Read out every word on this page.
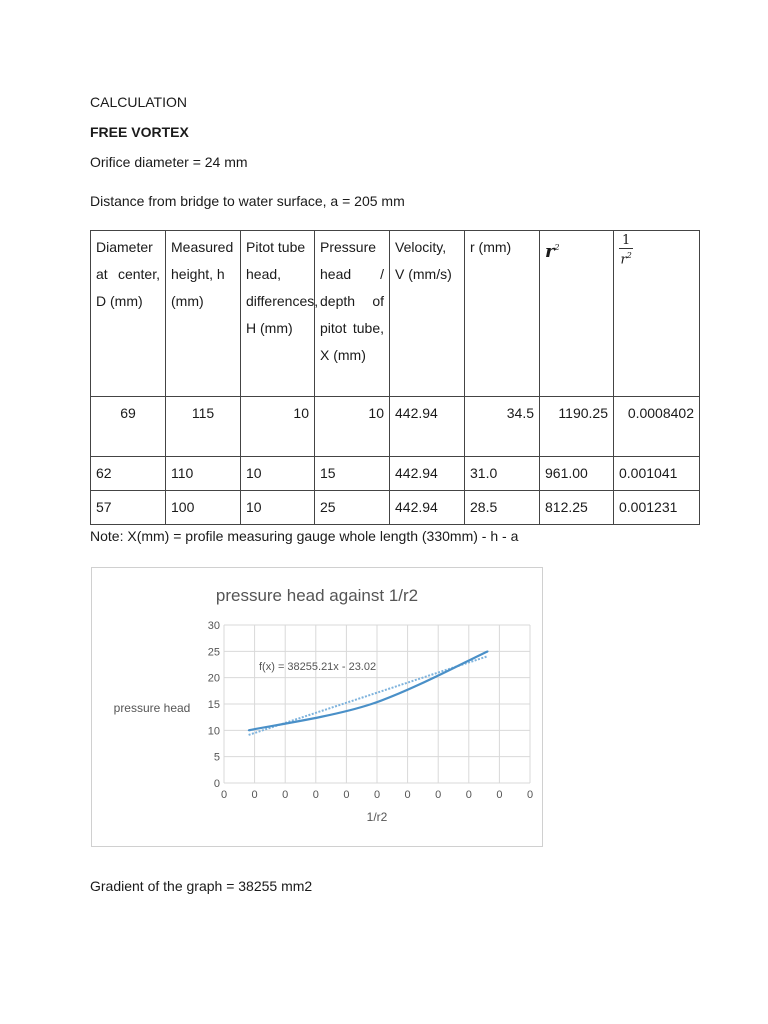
CALCULATION
FREE VORTEX
Orifice diameter = 24 mm
Distance from bridge to water surface, a = 205 mm
Diameter at center, D (mm)	Measured height, h (mm)	Pitot tube head, differences, H (mm)	Pressure head / depth of pitot tube, X (mm)	Velocity, V (mm/s)	r (mm)	$r^2$	$\frac{1}{r^2}$

69	115	10	10	442.94	34.5	1190.25	0.0008402
62	110	10	15	442.94	31.0	961.00	0.001041
57	100	10	25	442.94	28.5	812.25	0.001231
Note: X(mm) = profile measuring gauge whole length (330mm) - h - a
pressure head against 1/r2
0
5
10
15
20
25
30
0 0 0 0 0 0 0 0 0 0 0
pressure head
1/r2
f(x) = 38255.21x - 23.02
Gradient of the graph = 38255 mm2
